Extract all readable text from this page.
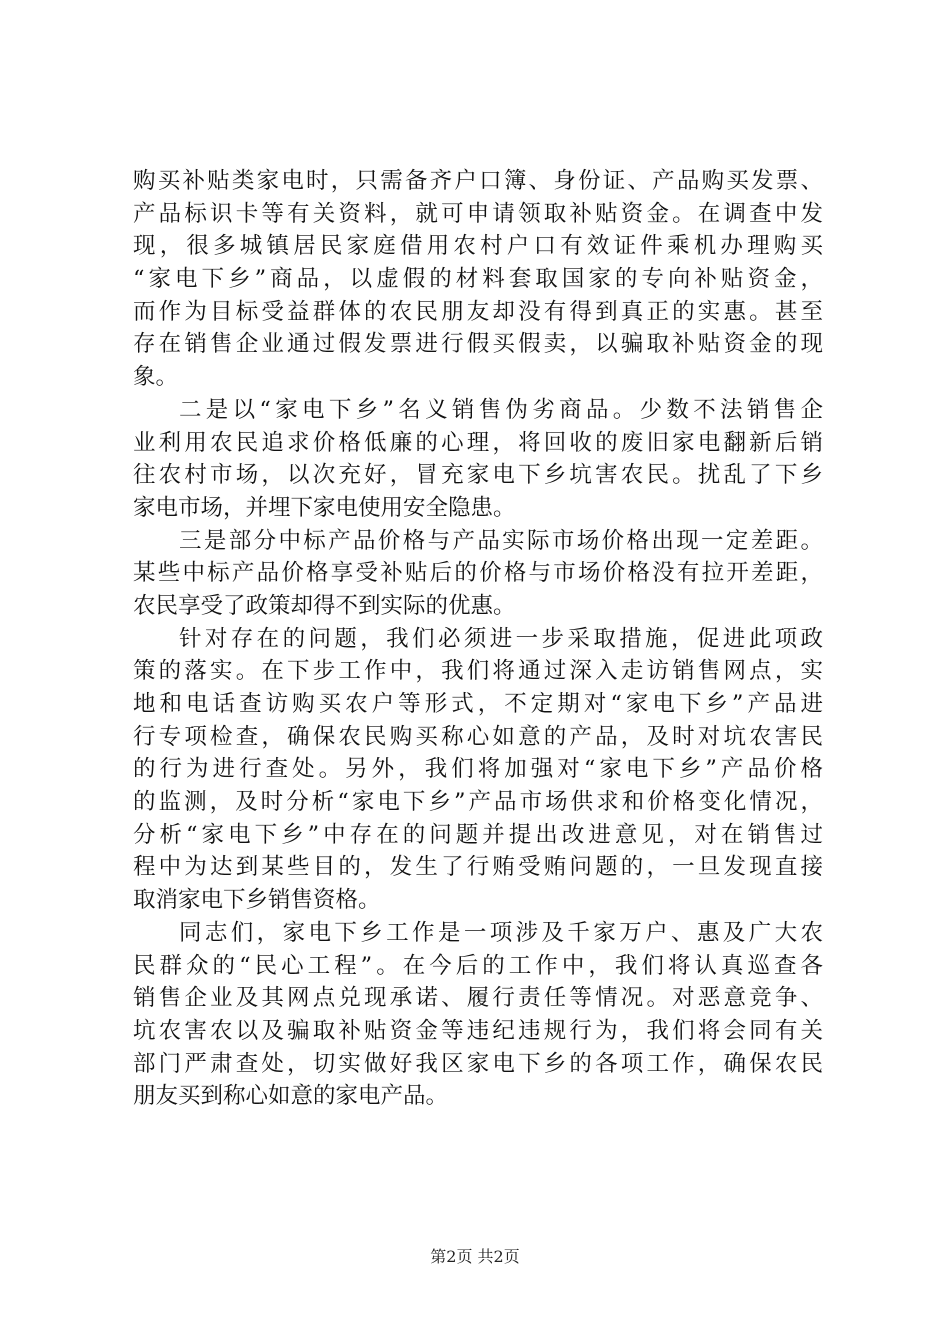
购买补贴类家电时，只需备齐户口簿、身份证、产品购买发票、
产品标识卡等有关资料，就可申请领取补贴资金。在调查中发
现，很多城镇居民家庭借用农村户口有效证件乘机办理购买
“家电下乡”商品，以虚假的材料套取国家的专向补贴资金，
而作为目标受益群体的农民朋友却没有得到真正的实惠。甚至
存在销售企业通过假发票进行假买假卖，以骗取补贴资金的现
象。
二是以“家电下乡”名义销售伪劣商品。少数不法销售企
业利用农民追求价格低廉的心理，将回收的废旧家电翻新后销
往农村市场，以次充好，冒充家电下乡坑害农民。扰乱了下乡
家电市场，并埋下家电使用安全隐患。
三是部分中标产品价格与产品实际市场价格出现一定差距。
某些中标产品价格享受补贴后的价格与市场价格没有拉开差距，
农民享受了政策却得不到实际的优惠。
针对存在的问题，我们必须进一步采取措施，促进此项政
策的落实。在下步工作中，我们将通过深入走访销售网点，实
地和电话查访购买农户等形式，不定期对“家电下乡”产品进
行专项检查，确保农民购买称心如意的产品，及时对坑农害民
的行为进行查处。另外，我们将加强对“家电下乡”产品价格
的监测，及时分析“家电下乡”产品市场供求和价格变化情况，
分析“家电下乡”中存在的问题并提出改进意见，对在销售过
程中为达到某些目的，发生了行贿受贿问题的，一旦发现直接
取消家电下乡销售资格。
同志们，家电下乡工作是一项涉及千家万户、惠及广大农
民群众的“民心工程”。在今后的工作中，我们将认真巡查各
销售企业及其网点兑现承诺、履行责任等情况。对恶意竞争、
坑农害农以及骗取补贴资金等违纪违规行为，我们将会同有关
部门严肃查处，切实做好我区家电下乡的各项工作，确保农民
朋友买到称心如意的家电产品。
第2页 共2页
